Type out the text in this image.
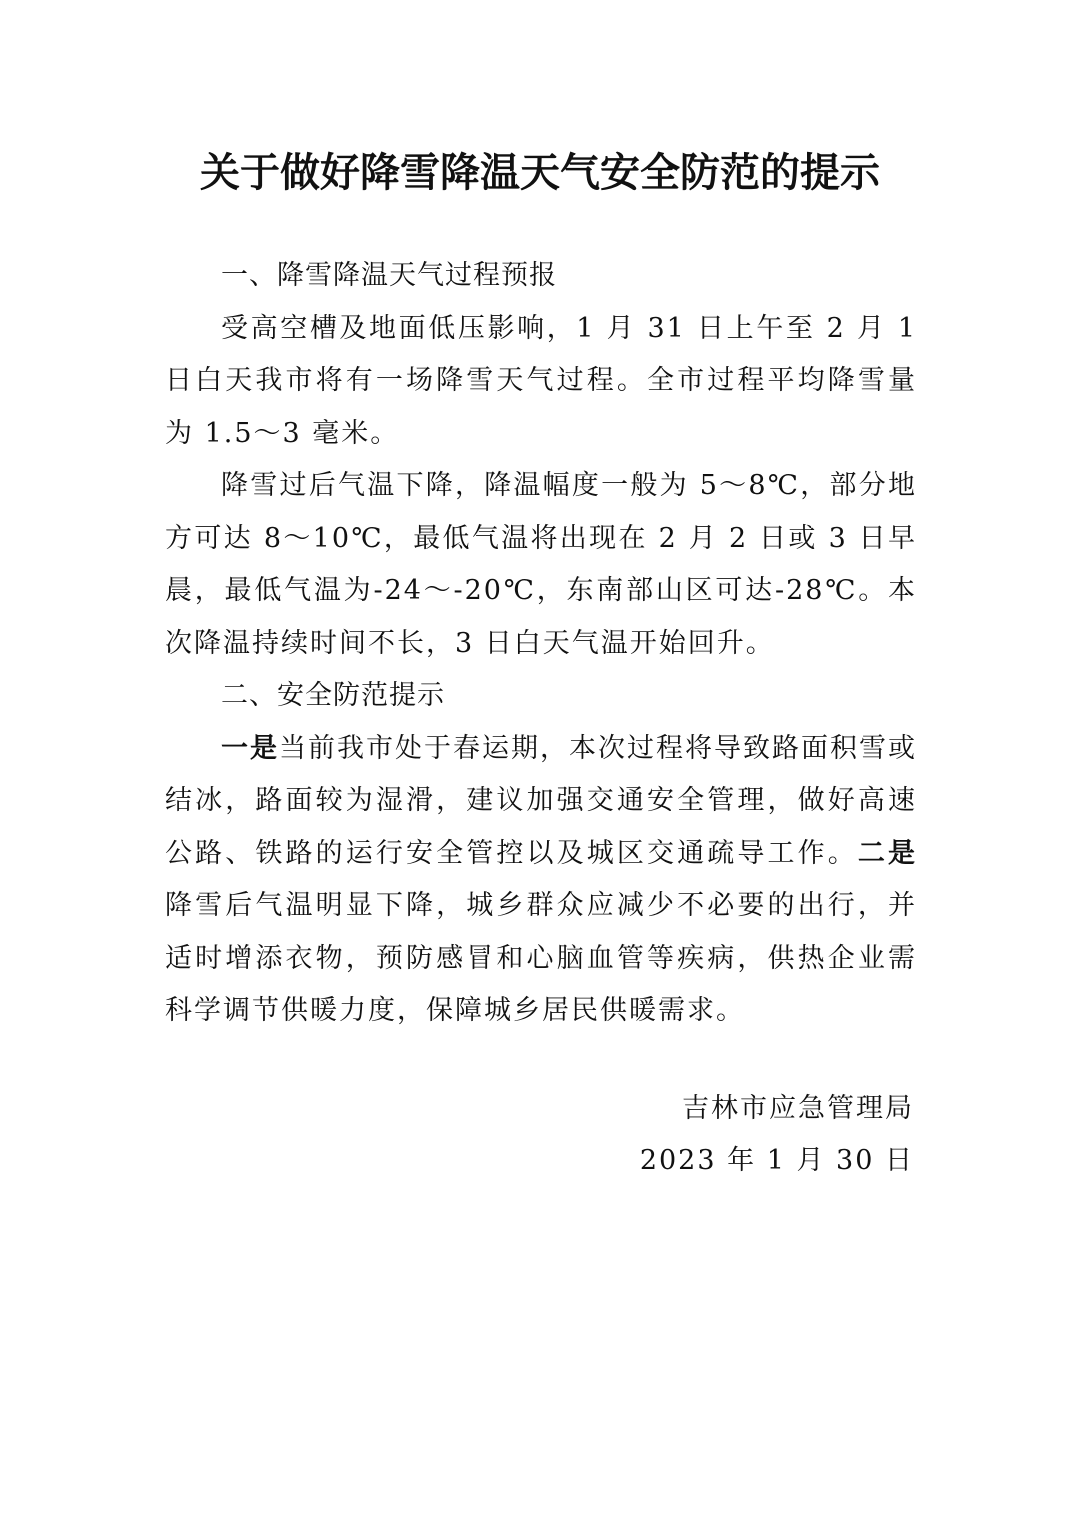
关于做好降雪降温天气安全防范的提示

一、降雪降温天气过程预报

受高空槽及地面低压影响，1 月 31 日上午至 2 月 1 日白天我市将有一场降雪天气过程。全市过程平均降雪量为 1.5～3 毫米。

降雪过后气温下降，降温幅度一般为 5～8℃，部分地方可达 8～10℃，最低气温将出现在 2 月 2 日或 3 日早晨，最低气温为-24～-20℃，东南部山区可达-28℃。本次降温持续时间不长，3 日白天气温开始回升。

二、安全防范提示

一是当前我市处于春运期，本次过程将导致路面积雪或结冰，路面较为湿滑，建议加强交通安全管理，做好高速公路、铁路的运行安全管控以及城区交通疏导工作。二是降雪后气温明显下降，城乡群众应减少不必要的出行，并适时增添衣物，预防感冒和心脑血管等疾病，供热企业需科学调节供暖力度，保障城乡居民供暖需求。

吉林市应急管理局
2023 年 1 月 30 日
